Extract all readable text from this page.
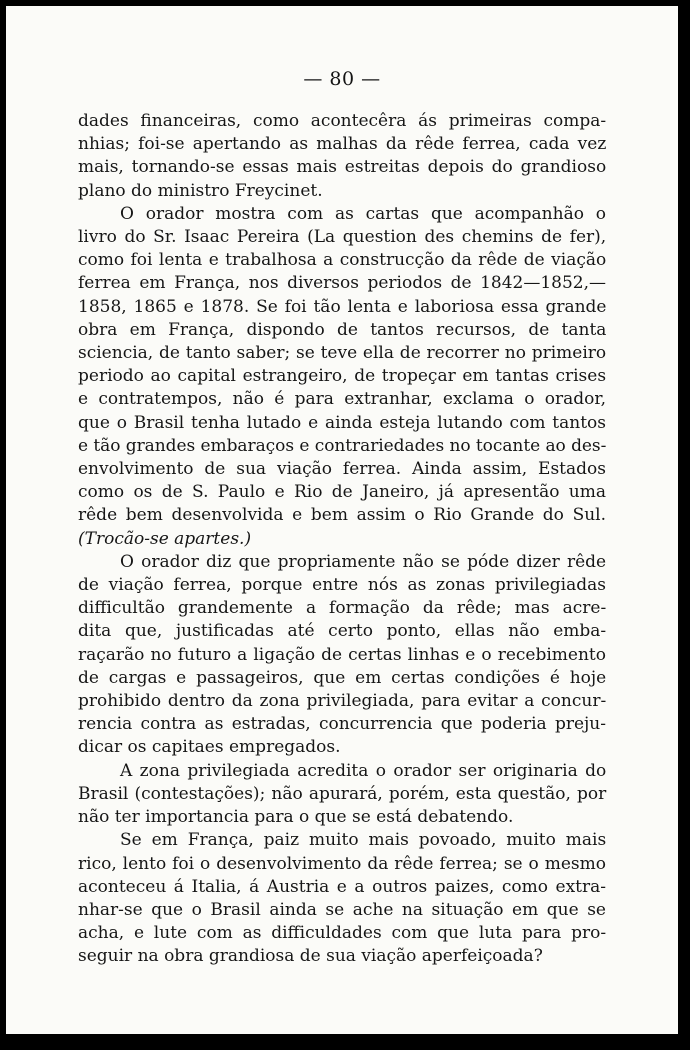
— 80 —
dades financeiras, como acontecêra ás primeiras compa-
nhias; foi-se apertando as malhas da rêde ferrea, cada vez
mais, tornando-se essas mais estreitas depois do grandioso
plano do ministro Freycinet.
O orador mostra com as cartas que acompanhão o
livro do Sr. Isaac Pereira (La question des chemins de fer),
como foi lenta e trabalhosa a construcção da rêde de viação
ferrea em França, nos diversos periodos de 1842—1852,—
1858, 1865 e 1878. Se foi tão lenta e laboriosa essa grande
obra em França, dispondo de tantos recursos, de tanta
sciencia, de tanto saber; se teve ella de recorrer no primeiro
periodo ao capital estrangeiro, de tropeçar em tantas crises
e contratempos, não é para extranhar, exclama o orador,
que o Brasil tenha lutado e ainda esteja lutando com tantos
e tão grandes embaraços e contrariedades no tocante ao des-
envolvimento de sua viação ferrea. Ainda assim, Estados
como os de S. Paulo e Rio de Janeiro, já apresentão uma
rêde bem desenvolvida e bem assim o Rio Grande do Sul.
(Trocão-se apartes.)
O orador diz que propriamente não se póde dizer rêde
de viação ferrea, porque entre nós as zonas privilegiadas
difficultão grandemente a formação da rêde; mas acre-
dita que, justificadas até certo ponto, ellas não emba-
raçarão no futuro a ligação de certas linhas e o recebimento
de cargas e passageiros, que em certas condições é hoje
prohibido dentro da zona privilegiada, para evitar a concur-
rencia contra as estradas, concurrencia que poderia preju-
dicar os capitaes empregados.
A zona privilegiada acredita o orador ser originaria do
Brasil (contestações); não apurará, porém, esta questão, por
não ter importancia para o que se está debatendo.
Se em França, paiz muito mais povoado, muito mais
rico, lento foi o desenvolvimento da rêde ferrea; se o mesmo
aconteceu á Italia, á Austria e a outros paizes, como extra-
nhar-se que o Brasil ainda se ache na situação em que se
acha, e lute com as difficuldades com que luta para pro-
seguir na obra grandiosa de sua viação aperfeiçoada?
